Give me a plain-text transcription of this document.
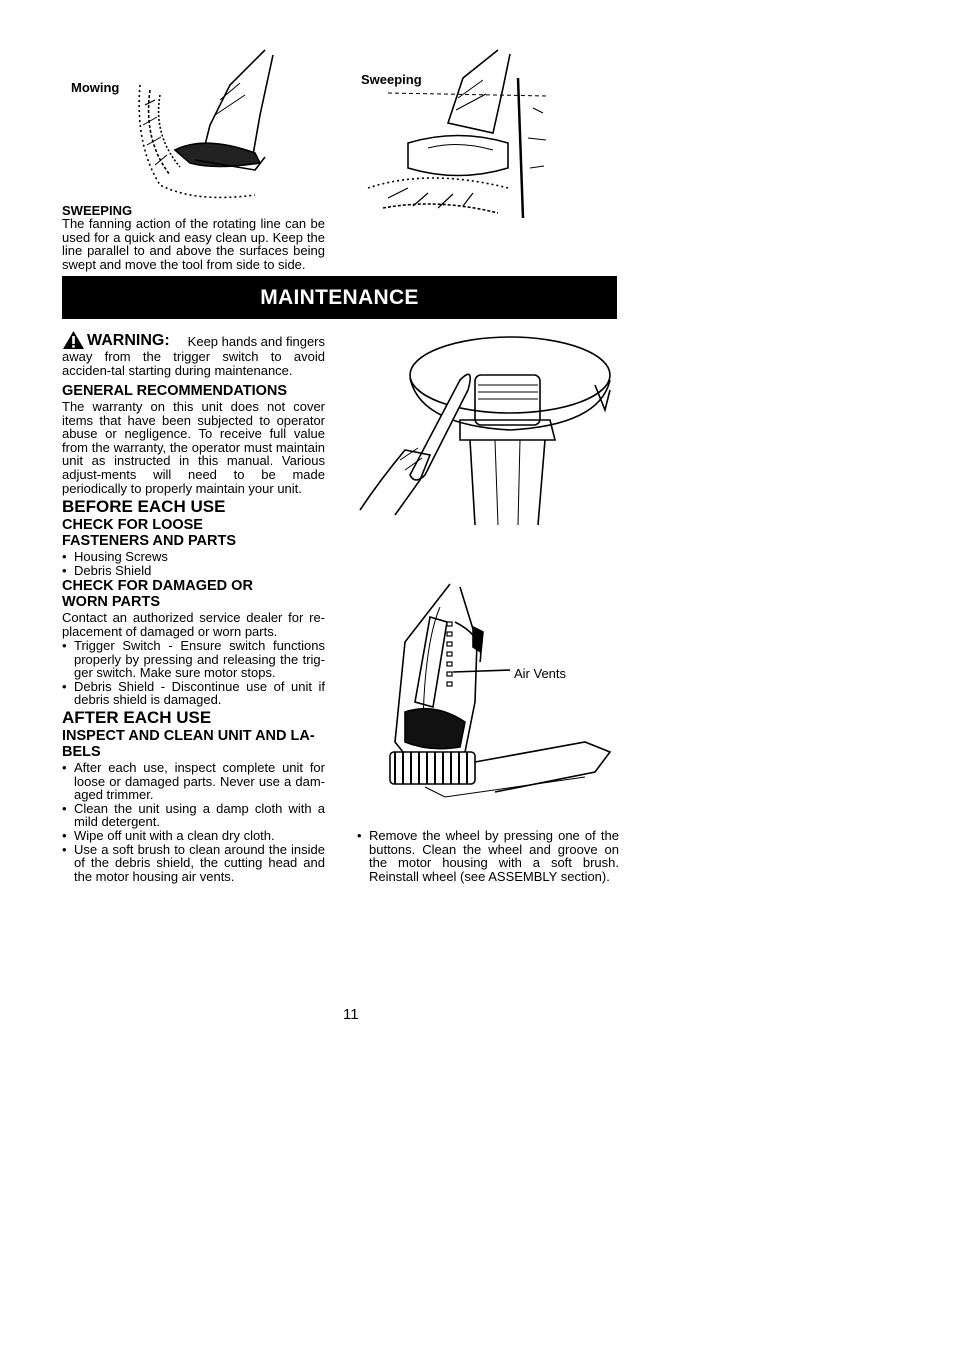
Mowing
Sweeping
SWEEPING
The fanning action of the rotating line can be used for a quick and easy clean up. Keep the line parallel to and above the surfaces being swept and move the tool from side to side.
MAINTENANCE
WARNING: Keep hands and fingers
away from the trigger switch to avoid acciden-tal starting during maintenance.
GENERAL RECOMMENDATIONS
The warranty on this unit does not cover items that have been subjected to operator abuse or negligence. To receive full value from the warranty, the operator must maintain unit as instructed in this manual. Various adjust-ments will need to be made periodically to properly maintain your unit.
BEFORE EACH USE
CHECK FOR LOOSE FASTENERS AND PARTS
• Housing Screws
• Debris Shield
CHECK FOR DAMAGED OR WORN PARTS
Contact an authorized service dealer for re-placement of damaged or worn parts.
• Trigger Switch - Ensure switch functions properly by pressing and releasing the trig-ger switch. Make sure motor stops.
• Debris Shield - Discontinue use of unit if debris shield is damaged.
AFTER EACH USE
INSPECT AND CLEAN UNIT AND LA-BELS
• After each use, inspect complete unit for loose or damaged parts. Never use a dam-aged trimmer.
• Clean the unit using a damp cloth with a mild detergent.
• Wipe off unit with a clean dry cloth.
• Use a soft brush to clean around the inside of the debris shield, the cutting head and the motor housing air vents.
Air Vents
• Remove the wheel by pressing one of the buttons. Clean the wheel and groove on the motor housing with a soft brush. Reinstall wheel (see ASSEMBLY section).
11
